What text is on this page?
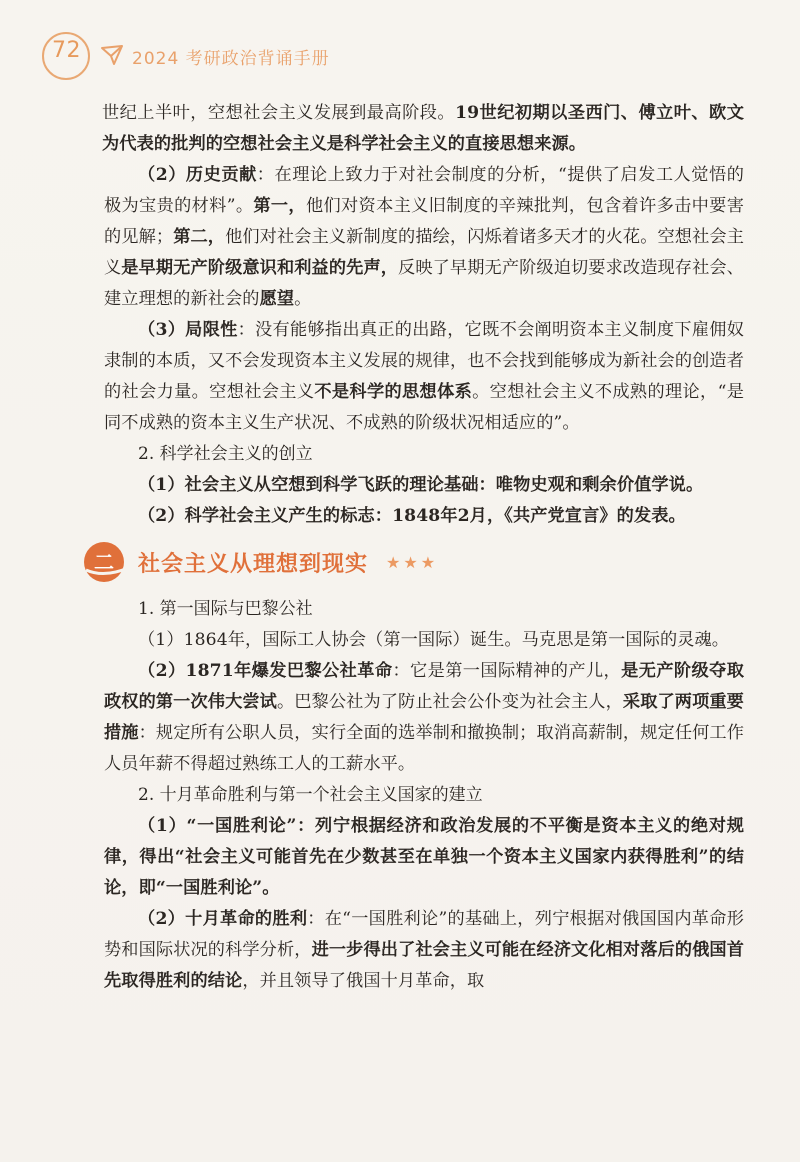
72	2024 考研政治背诵手册

世纪上半叶，空想社会主义发展到最高阶段。19世纪初期以圣西门、傅立叶、欧文为代表的批判的空想社会主义是科学社会主义的直接思想来源。

（2）历史贡献：在理论上致力于对社会制度的分析，“提供了启发工人觉悟的极为宝贵的材料”。第一，他们对资本主义旧制度的辛辣批判，包含着许多击中要害的见解；第二，他们对社会主义新制度的描绘，闪烁着诸多天才的火花。空想社会主义是早期无产阶级意识和利益的先声，反映了早期无产阶级迫切要求改造现存社会、建立理想的新社会的愿望。

（3）局限性：没有能够指出真正的出路，它既不会阐明资本主义制度下雇佣奴隶制的本质，又不会发现资本主义发展的规律，也不会找到能够成为新社会的创造者的社会力量。空想社会主义不是科学的思想体系。空想社会主义不成熟的理论，“是同不成熟的资本主义生产状况、不成熟的阶级状况相适应的”。

2. 科学社会主义的创立

（1）社会主义从空想到科学飞跃的理论基础：唯物史观和剩余价值学说。

（2）科学社会主义产生的标志：1848年2月，《共产党宣言》的发表。

二 社会主义从理想到现实 ★★★

1. 第一国际与巴黎公社

（1）1864年，国际工人协会（第一国际）诞生。马克思是第一国际的灵魂。

（2）1871年爆发巴黎公社革命：它是第一国际精神的产儿，是无产阶级夺取政权的第一次伟大尝试。巴黎公社为了防止社会公仆变为社会主人，采取了两项重要措施：规定所有公职人员，实行全面的选举制和撤换制；取消高薪制，规定任何工作人员年薪不得超过熟练工人的工薪水平。

2. 十月革命胜利与第一个社会主义国家的建立

（1）“一国胜利论”：列宁根据经济和政治发展的不平衡是资本主义的绝对规律，得出“社会主义可能首先在少数甚至在单独一个资本主义国家内获得胜利”的结论，即“一国胜利论”。

（2）十月革命的胜利：在“一国胜利论”的基础上，列宁根据对俄国国内革命形势和国际状况的科学分析，进一步得出了社会主义可能在经济文化相对落后的俄国首先取得胜利的结论，并且领导了俄国十月革命，取
